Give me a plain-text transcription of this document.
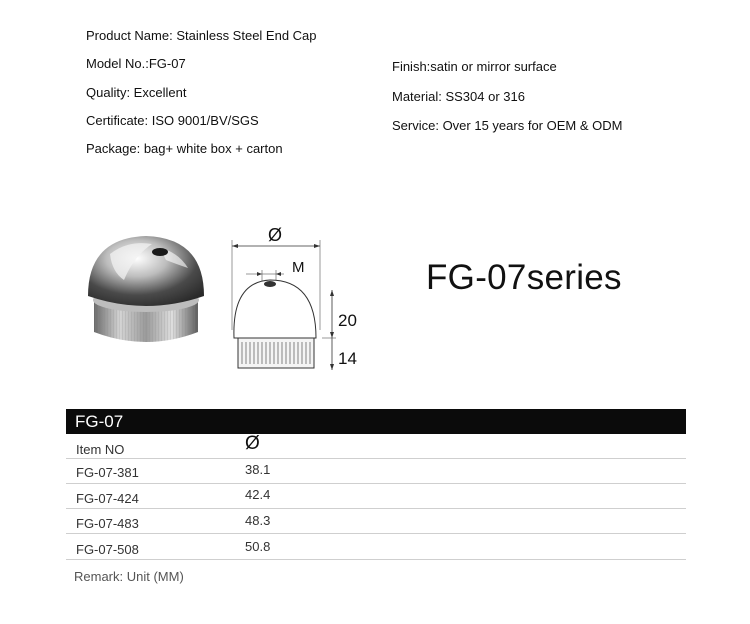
Product Name: Stainless Steel End Cap
Model No.:FG-07
Quality: Excellent
Certificate: ISO 9001/BV/SGS
Package: bag+ white box + carton
Finish:satin or mirror surface
Material: SS304 or 316
Service: Over 15 years for OEM & ODM
Ø
M
20
14
FG-07series
FG-07
Item NO	Ø
FG-07-381	38.1
FG-07-424	42.4
FG-07-483	48.3
FG-07-508	50.8
Remark: Unit (MM)
